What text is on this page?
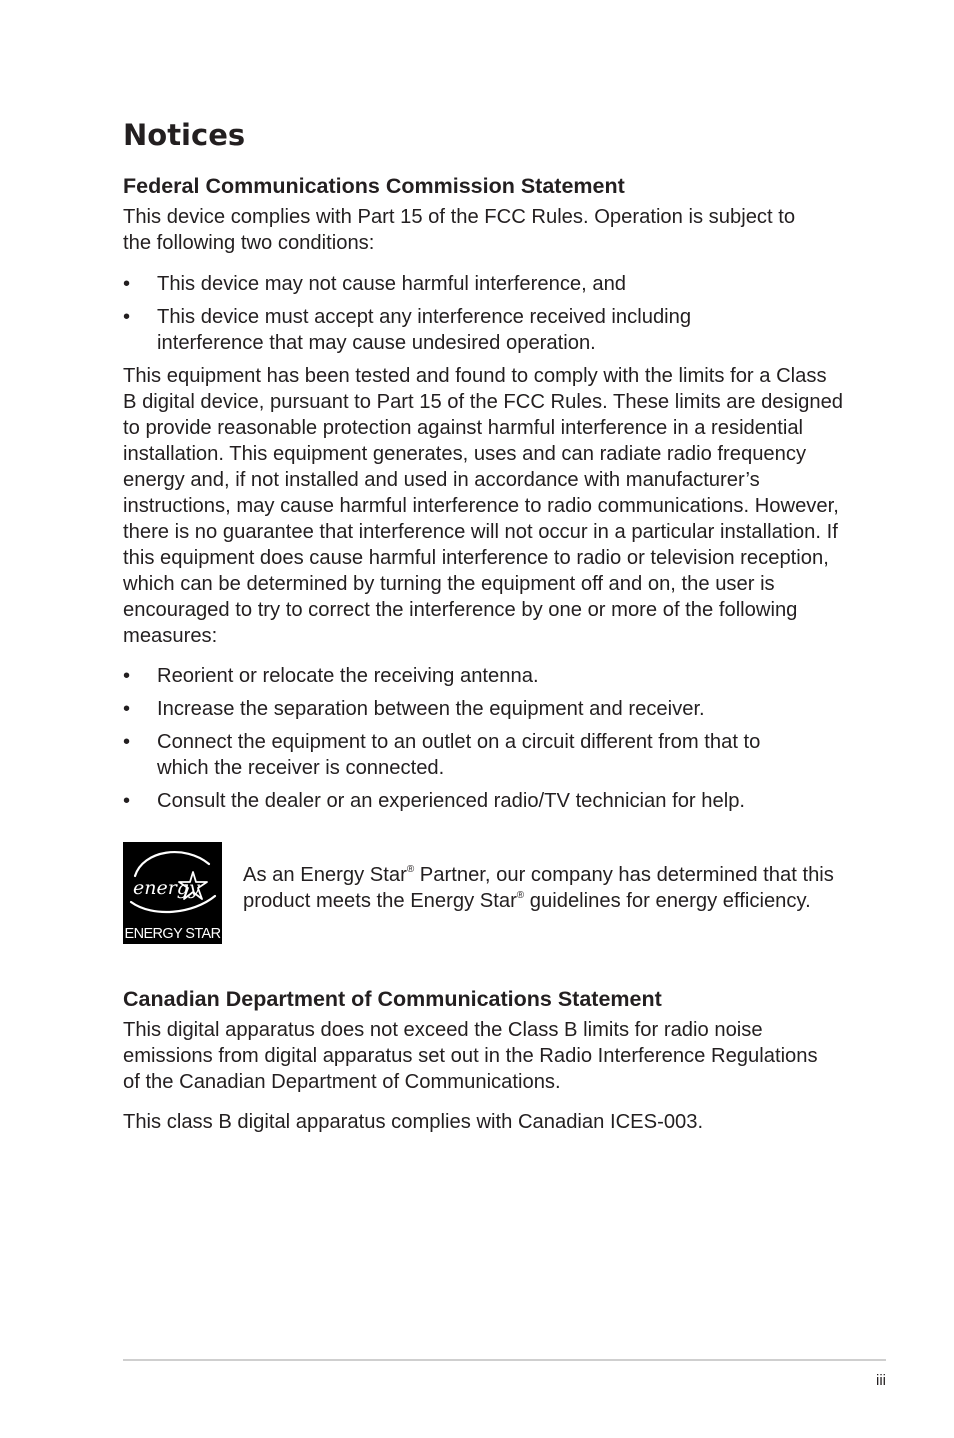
Notices
Federal Communications Commission Statement

This device complies with Part 15 of the FCC Rules. Operation is subject to the following two conditions:

• This device may not cause harmful interference, and
• This device must accept any interference received including interference that may cause undesired operation.

This equipment has been tested and found to comply with the limits for a Class B digital device, pursuant to Part 15 of the FCC Rules. These limits are designed to provide reasonable protection against harmful interference in a residential installation. This equipment generates, uses and can radiate radio frequency energy and, if not installed and used in accordance with manufacturer’s instructions, may cause harmful interference to radio communications. However, there is no guarantee that interference will not occur in a particular installation. If this equipment does cause harmful interference to radio or television reception, which can be determined by turning the equipment off and on, the user is encouraged to try to correct the interference by one or more of the following measures:

• Reorient or relocate the receiving antenna.
• Increase the separation between the equipment and receiver.
• Connect the equipment to an outlet on a circuit different from that to which the receiver is connected.
• Consult the dealer or an experienced radio/TV technician for help.
energy
ENERGY STAR

As an Energy Star® Partner, our company has determined that this product meets the Energy Star® guidelines for energy efficiency.

Canadian Department of Communications Statement

This digital apparatus does not exceed the Class B limits for radio noise emissions from digital apparatus set out in the Radio Interference Regulations of the Canadian Department of Communications.

This class B digital apparatus complies with Canadian ICES-003.

iii
